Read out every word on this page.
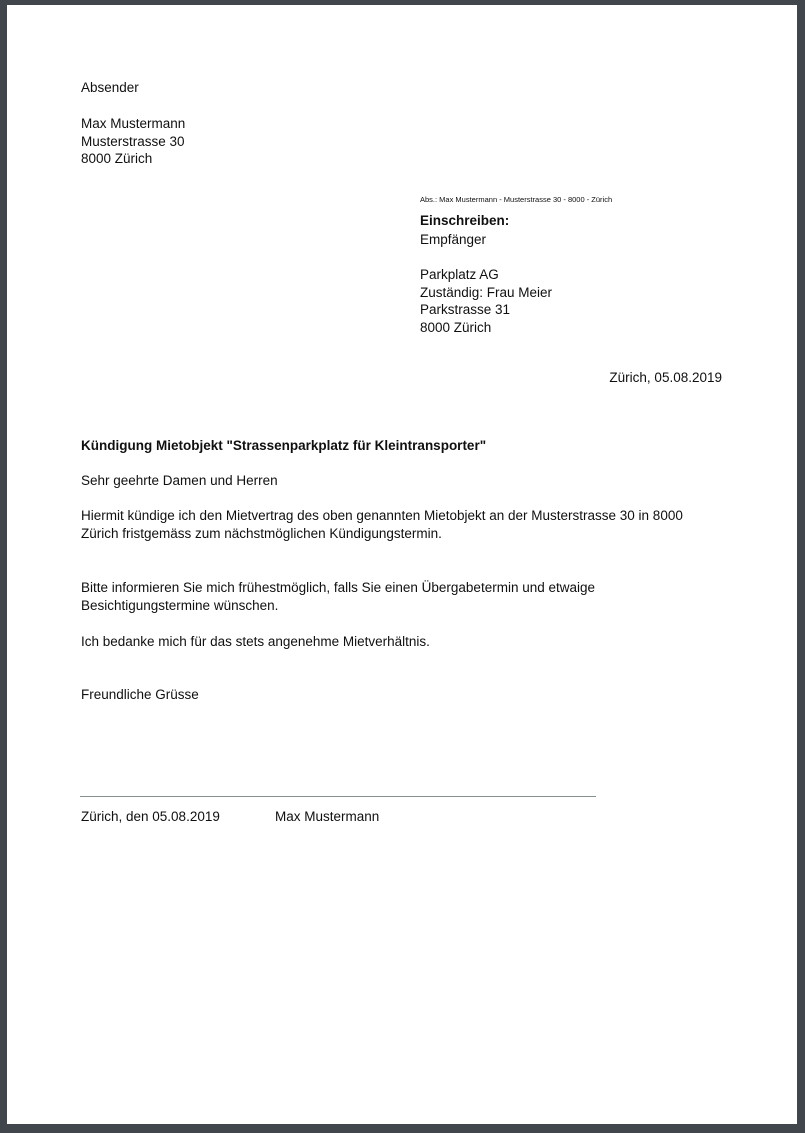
Absender
Max Mustermann
Musterstrasse 30
8000 Zürich
Abs.: Max Mustermann - Musterstrasse 30 - 8000 - Zürich
Einschreiben:
Empfänger
Parkplatz AG
Zuständig: Frau Meier
Parkstrasse 31
8000 Zürich
Zürich, 05.08.2019
Kündigung Mietobjekt "Strassenparkplatz für Kleintransporter"
Sehr geehrte Damen und Herren
Hiermit kündige ich den Mietvertrag des oben genannten Mietobjekt an der Musterstrasse 30 in 8000 Zürich fristgemäss zum nächstmöglichen Kündigungstermin.
Bitte informieren Sie mich frühestmöglich, falls Sie einen Übergabetermin und etwaige Besichtigungstermine wünschen.
Ich bedanke mich für das stets angenehme Mietverhältnis.
Freundliche Grüsse
Zürich, den 05.08.2019	Max Mustermann
